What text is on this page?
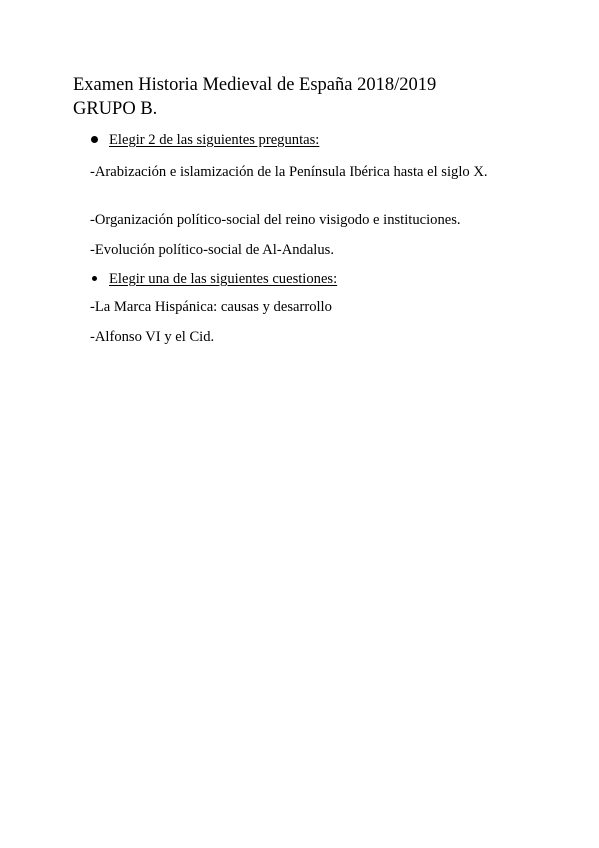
Examen Historia Medieval de España 2018/2019
GRUPO B.
Elegir 2 de las siguientes preguntas:

-Arabización e islamización de la Península Ibérica hasta el siglo X.

-Organización político-social del reino visigodo e instituciones.

-Evolución político-social de Al-Andalus.

Elegir una de las siguientes cuestiones:

-La Marca Hispánica: causas y desarrollo

-Alfonso VI y el Cid.
